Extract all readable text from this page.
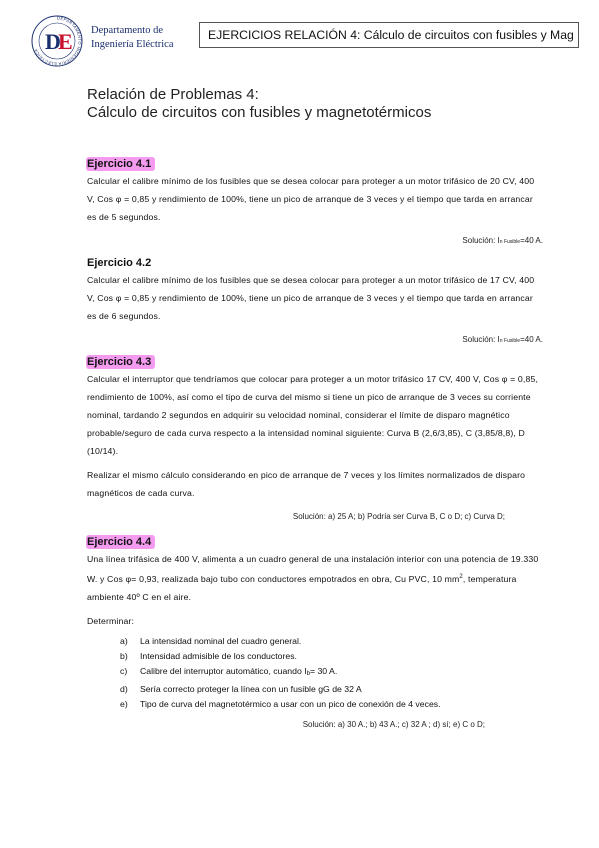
DEPARTAMENTO INGENIERIA ELECTRICA D
E Departamento de
Ingeniería Eléctrica
EJERCICIOS RELACIÓN 4: Cálculo de circuitos con fusibles y Mag
Relación de Problemas 4:
Cálculo de circuitos con fusibles y magnetotérmicos
Ejercicio 4.1

Calcular el calibre mínimo de los fusibles que se desea colocar para proteger a un motor trifásico de 20 CV, 400 V, Cos φ = 0,85 y rendimiento de 100%, tiene un pico de arranque de 3 veces y el tiempo que tarda en arrancar es de 5 segundos.

Solución: In Fusible=40 A.
Ejercicio 4.2

Calcular el calibre mínimo de los fusibles que se desea colocar para proteger a un motor trifásico de 17 CV, 400 V, Cos φ = 0,85 y rendimiento de 100%, tiene un pico de arranque de 3 veces y el tiempo que tarda en arrancar es de 6 segundos.

Solución: In Fusible=40 A.
Ejercicio 4.3

Calcular el interruptor que tendríamos que colocar para proteger a un motor trifásico 17 CV, 400 V, Cos φ = 0,85, rendimiento de 100%, así como el tipo de curva del mismo si tiene un pico de arranque de 3 veces su corriente nominal, tardando 2 segundos en adquirir su velocidad nominal, considerar el límite de disparo magnético probable/seguro de cada curva respecto a la intensidad nominal siguiente: Curva B (2,6/3,85), C (3,85/8,8), D (10/14).

Realizar el mismo cálculo considerando en pico de arranque de 7 veces y los límites normalizados de disparo magnéticos de cada curva.

Solución: a) 25 A; b) Podría ser Curva B, C o D; c) Curva D;
Ejercicio 4.4

Una línea trifásica de 400 V, alimenta a un cuadro general de una instalación interior con una potencia de 19.330 W. y Cos φ= 0,93, realizada bajo tubo con conductores empotrados en obra, Cu PVC, 10 $mm^2$, temperatura ambiente 40º C en el aire.

Determinar:

a) La intensidad nominal del cuadro general.
b) Intensidad admisible de los conductores.
c) Calibre del interruptor automático, cuando Ib= 30 A.
d) Sería correcto proteger la línea con un fusible gG de 32 A
e) Tipo de curva del magnetotérmico a usar con un pico de conexión de 4 veces.
Solución: a) 30 A.; b) 43 A.; c) 32 A ; d) sí; e) C o D;
